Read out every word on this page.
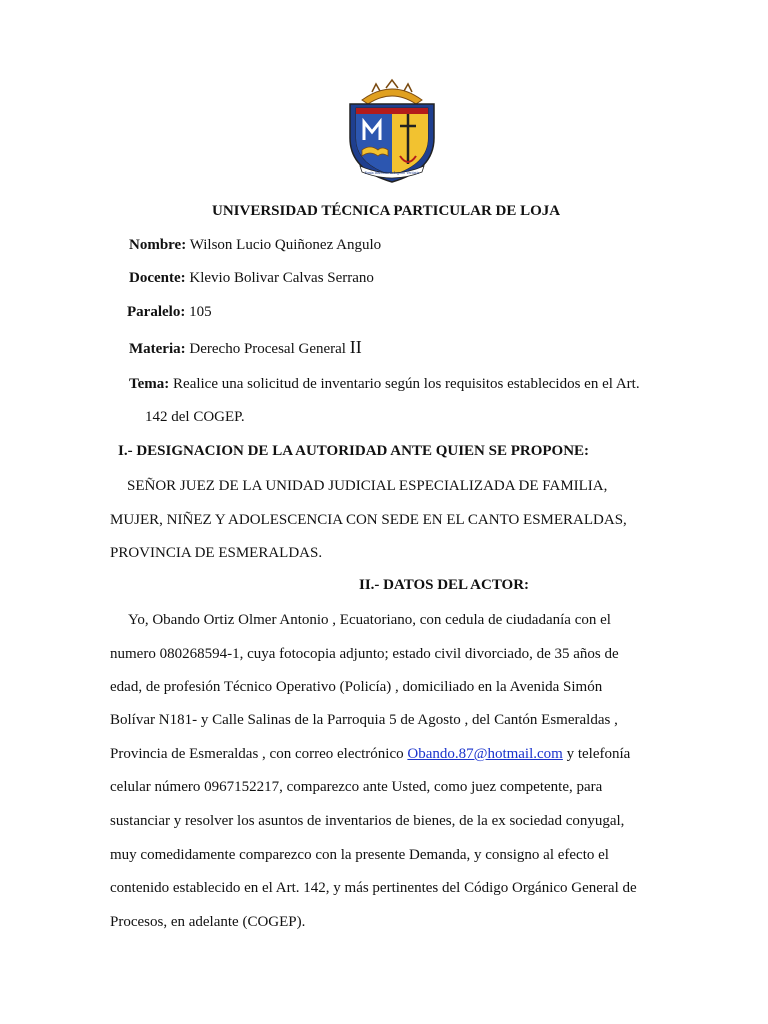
Santa Institutio Indagatio Veritatis
UNIVERSIDAD TÉCNICA PARTICULAR DE LOJA
Nombre: Wilson Lucio Quiñonez Angulo
Docente: Klevio Bolivar Calvas Serrano
Paralelo: 105
Materia: Derecho Procesal General II
Tema: Realice una solicitud de inventario según los requisitos establecidos en el Art.
142 del COGEP.
I.- DESIGNACION DE LA AUTORIDAD ANTE QUIEN SE PROPONE:
SEÑOR JUEZ DE LA UNIDAD JUDICIAL ESPECIALIZADA DE FAMILIA,
MUJER, NIÑEZ Y ADOLESCENCIA CON SEDE EN EL CANTO ESMERALDAS,
PROVINCIA DE ESMERALDAS.
II.- DATOS DEL ACTOR:
Yo, Obando Ortiz Olmer Antonio , Ecuatoriano, con cedula de ciudadanía con el
numero 080268594-1, cuya fotocopia adjunto; estado civil divorciado, de 35 años de
edad, de profesión Técnico Operativo (Policía) , domiciliado en la Avenida Simón
Bolívar N181- y Calle Salinas de la Parroquia 5 de Agosto , del Cantón Esmeraldas ,
Provincia de Esmeraldas , con correo electrónico Obando.87@hotmail.com y telefonía
celular número 0967152217, comparezco ante Usted, como juez competente, para
sustanciar y resolver los asuntos de inventarios de bienes, de la ex sociedad conyugal,
muy comedidamente comparezco con la presente Demanda, y consigno al efecto el
contenido establecido en el Art. 142, y más pertinentes del Código Orgánico General de
Procesos, en adelante (COGEP).
